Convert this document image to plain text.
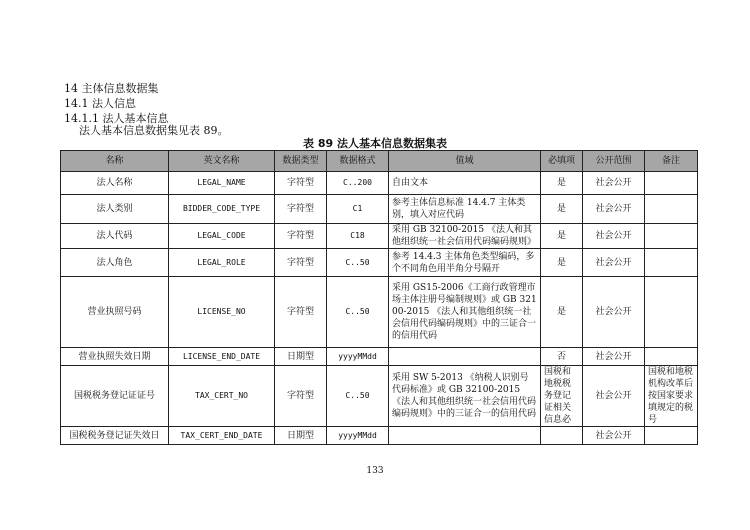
14 主体信息数据集
14.1 法人信息
14.1.1 法人基本信息
法人基本信息数据集见表 89。
表 89 法人基本信息数据集表
名称	英文名称	数据类型	数据格式	值域	必填项	公开范围	备注
法人名称	LEGAL_NAME	字符型	C..200	自由文本	是	社会公开	
法人类别	BIDDER_CODE_TYPE	字符型	C1	参考主体信息标准 14.4.7 主体类别，填入对应代码	是	社会公开	
法人代码	LEGAL_CODE	字符型	C18	采用 GB 32100-2015 《法人和其他组织统一社会信用代码编码规则》	是	社会公开	
法人角色	LEGAL_ROLE	字符型	C..50	参考 14.4.3 主体角色类型编码，多个不同角色用半角分号隔开	是	社会公开	
营业执照号码	LICENSE_NO	字符型	C..50	采用 GS15-2006《工商行政管理市场主体注册号编制规则》或 GB 32100-2015 《法人和其他组织统一社会信用代码编码规则》中的三证合一的信用代码	是	社会公开	
营业执照失效日期	LICENSE_END_DATE	日期型	yyyyMMdd		否	社会公开	
国税税务登记证证号	TAX_CERT_NO	字符型	C..50	采用 SW 5-2013 《纳税人识别号代码标准》或 GB 32100-2015 《法人和其他组织统一社会信用代码编码规则》中的三证合一的信用代码	国税和地税税务登记证相关信息必	社会公开	国税和地税机构改革后按国家要求填规定的税号
国税税务登记证失效日	TAX_CERT_END_DATE	日期型	yyyyMMdd			社会公开	
133
